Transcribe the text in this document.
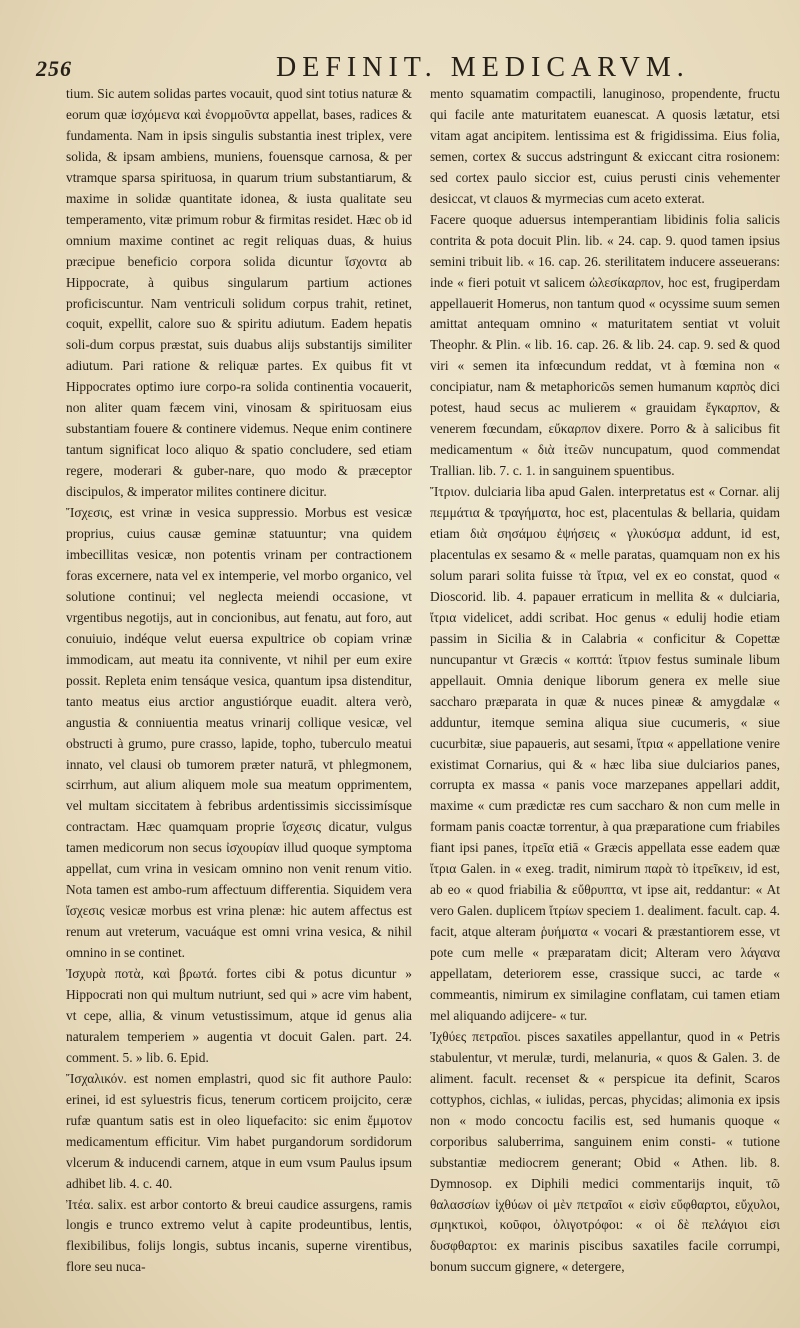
256	DEFINIT. MEDICARVM.

tium. Sic autem solidas partes vocauit, quod sint totius naturæ & eorum quæ ἰσχόμενα καὶ ἐνορμοῦντα appellat, bases, radices & fundamenta. Nam in ipsis singulis substantia inest triplex, vere solida, & ipsam ambiens, muniens, fouensque carnosa, & per vtramque sparsa spirituosa, in quarum trium substantiarum, & maxime in solidæ quantitate idonea, & iusta qualitate seu temperamento, vitæ primum robur & firmitas residet. Hæc ob id omnium maxime continet ac regit reliquas duas, & huius præcipue beneficio corpora solida dicuntur ἴσχοντα ab Hippocrate, à quibus singularum partium actiones proficiscuntur. Nam ventriculi solidum corpus trahit, retinet, coquit, expellit, calore suo & spiritu adiutum. Eadem hepatis soli-dum corpus præstat, suis duabus alijs substantijs similiter adiutum. Pari ratione & reliquæ partes. Ex quibus fit vt Hippocrates optimo iure corpo-ra solida continentia vocauerit, non aliter quam fæcem vini, vinosam & spirituosam eius substantiam fouere & continere videmus. Neque enim continere tantum significat loco aliquo & spatio concludere, sed etiam regere, moderari & guber-nare, quo modo & præceptor discipulos, & imperator milites continere dicitur.

Ἴσχεσις, est vrinæ in vesica suppressio. Morbus est vesicæ proprius, cuius causæ geminæ statuuntur; vna quidem imbecillitas vesicæ, non potentis vrinam per contractionem foras excernere, nata vel ex intemperie, vel morbo organico, vel solutione continui; vel neglecta meiendi occasione, vt vrgentibus negotijs, aut in concionibus, aut fenatu, aut foro, aut conuiuio, indéque velut euersa expultrice ob copiam vrinæ immodicam, aut meatu ita connivente, vt nihil per eum exire possit. Repleta enim tensáque vesica, quantum ipsa distenditur, tanto meatus eius arctior angustiórque euadit. altera verò, angustia & conniuentia meatus vrinarij collique vesicæ, vel obstructi à grumo, pure crasso, lapide, topho, tuberculo meatui innato, vel clausi ob tumorem præter naturā, vt phlegmonem, scirrhum, aut alium aliquem mole sua meatum opprimentem, vel multam siccitatem à febribus ardentissimis siccissimísque contractam. Hæc quamquam proprie ἴσχεσις dicatur, vulgus tamen medicorum non secus ἰσχουρίαν illud quoque symptoma appellat, cum vrina in vesicam omnino non venit renum vitio. Nota tamen est ambo-rum affectuum differentia. Siquidem vera ἴσχεσις vesicæ morbus est vrina plenæ: hic autem affectus est renum aut vreterum, vacuáque est omni vrina vesica, & nihil omnino in se continet.

Ἰσχυρὰ ποτὰ, καὶ βρωτά. fortes cibi & potus dicuntur » Hippocrati non qui multum nutriunt, sed qui » acre vim habent, vt cepe, allia, & vinum vetustissimum, atque id genus alia naturalem temperiem » augentia vt docuit Galen. part. 24. comment. 5. » lib. 6. Epid.

Ἴσχαλικόν. est nomen emplastri, quod sic fit authore Paulo: erinei, id est syluestris ficus, tenerum corticem proijcito, ceræ rufæ quantum satis est in oleo liquefacito: sic enim ἔμμοτον medicamentum efficitur. Vim habet purgandorum sordidorum vlcerum & inducendi carnem, atque in eum vsum Paulus ipsum adhibet lib. 4. c. 40.

Ἰτέα. salix. est arbor contorto & breui caudice assurgens, ramis longis e trunco extremo velut à capite prodeuntibus, lentis, flexibilibus, folijs longis, subtus incanis, superne virentibus, flore seu nuca-

mento squamatim compactili, lanuginoso, propendente, fructu qui facile ante maturitatem euanescat. A quosis lætatur, etsi vitam agat ancipitem. lentissima est & frigidissima. Eius folia, semen, cortex & succus adstringunt & exiccant citra rosionem: sed cortex paulo siccior est, cuius perusti cinis vehementer desiccat, vt clauos & myrmecias cum aceto exterat.

Facere quoque aduersus intemperantiam libidinis folia salicis contrita & pota docuit Plin. lib. « 24. cap. 9. quod tamen ipsius semini tribuit lib. « 16. cap. 26. sterilitatem inducere asseuerans: inde « fieri potuit vt salicem ὠλεσίκαρπον, hoc est, frugiperdam appellauerit Homerus, non tantum quod « ocyssime suum semen amittat antequam omnino « maturitatem sentiat vt voluit Theophr. & Plin. « lib. 16. cap. 26. & lib. 24. cap. 9. sed & quod viri « semen ita infœcundum reddat, vt à fœmina non « concipiatur, nam & metaphoricῶs semen humanum καρπὸς dici potest, haud secus ac mulierem « grauidam ἔγκαρπον, & venerem fœcundam, εὔκαρπον dixere. Porro & à salicibus fit medicamentum « διὰ ἰτεῶν nuncupatum, quod commendat Trallian. lib. 7. c. 1. in sanguinem spuentibus.

Ἴτριον. dulciaria liba apud Galen. interpretatus est « Cornar. alij πεμμάτια & τραγήματα, hoc est, placentulas & bellaria, quidam etiam διὰ σησάμου ἐψήσεις « γλυκύσμα addunt, id est, placentulas ex sesamo & « melle paratas, quamquam non ex his solum parari solita fuisse τὰ ἴτρια, vel ex eo constat, quod « Dioscorid. lib. 4. papauer erraticum in mellita & « dulciaria, ἴτρια videlicet, addi scribat. Hoc genus « edulij hodie etiam passim in Sicilia & in Calabria « conficitur & Copettæ nuncupantur vt Græcis « κοπτά: ἴτριον festus suminale libum appellauit. Omnia denique liborum genera ex melle siue saccharo præparata in quæ & nuces pineæ & amygdalæ « adduntur, itemque semina aliqua siue cucumeris, « siue cucurbitæ, siue papaueris, aut sesami, ἴτρια « appellatione venire existimat Cornarius, qui & « hæc liba siue dulciarios panes, corrupta ex massa « panis voce marzepanes appellari addit, maxime « cum prædictæ res cum saccharo & non cum melle in formam panis coactæ torrentur, à qua præparatione cum friabiles fiant ipsi panes, ἰτρεῖα etiā « Græcis appellata esse eadem quæ ἴτρια Galen. in « exeg. tradit, nimirum παρὰ τὸ ἰτρεῖκειν, id est, ab eo « quod friabilia & εὔθρυπτα, vt ipse ait, reddantur: « At vero Galen. duplicem ἴτρίων speciem 1. dealiment. facult. cap. 4. facit, atque alteram ῥυήματα « vocari & præstantiorem esse, vt pote cum melle « præparatam dicit; Alteram vero λάγανα appellatam, deteriorem esse, crassique succi, ac tarde « commeantis, nimirum ex similagine conflatam, cui tamen etiam mel aliquando adijcere- « tur.

Ἰχθύες πετραῖοι. pisces saxatiles appellantur, quod in « Petris stabulentur, vt merulæ, turdi, melanuria, « quos & Galen. 3. de aliment. facult. recenset & « perspicue ita definit, Scaros cottyphos, cichlas, « iulidas, percas, phycidas; alimonia ex ipsis non « modo concoctu facilis est, sed humanis quoque « corporibus saluberrima, sanguinem enim consti- « tutione substantiæ mediocrem generant; Obid « Athen. lib. 8. Dymnosop. ex Diphili medici commentarijs inquit, τῶ θαλασσίων ἰχθύων οἱ μὲν πετραῖοι « εἰσὶν εὔφθαρτοι, εὔχυλοι, σμηκτικοὶ, κοῦφοι, ὀλιγοτρόφοι: « οἱ δὲ πελάγιοι εἰσι δυσφθαρτοι: ex marinis piscibus saxatiles facile corrumpi, bonum succum gignere, « detergere,
